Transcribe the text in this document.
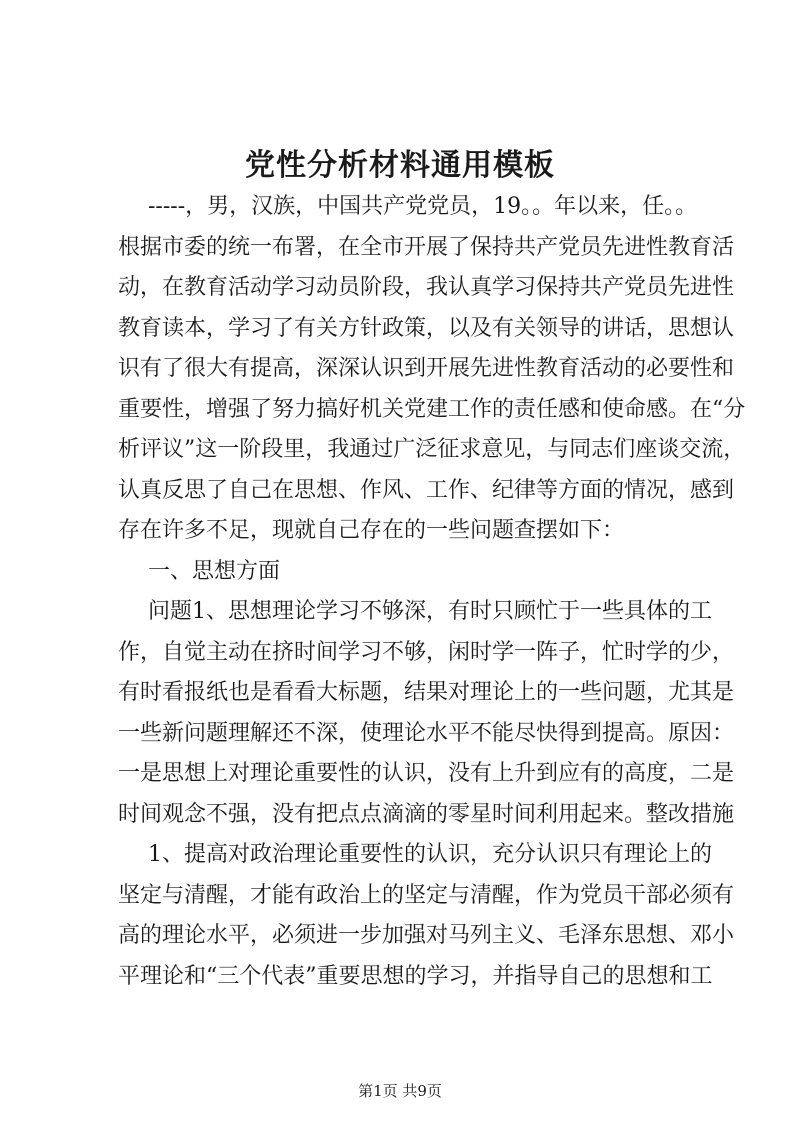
党性分析材料通用模板
-----，男，汉族，中国共产党党员，19。。年以来，任。。
根据市委的统一布署，在全市开展了保持共产党员先进性教育活
动，在教育活动学习动员阶段，我认真学习保持共产党员先进性
教育读本，学习了有关方针政策，以及有关领导的讲话，思想认
识有了很大有提高，深深认识到开展先进性教育活动的必要性和
重要性，增强了努力搞好机关党建工作的责任感和使命感。在“分
析评议”这一阶段里，我通过广泛征求意见，与同志们座谈交流，
认真反思了自己在思想、作风、工作、纪律等方面的情况，感到
存在许多不足，现就自己存在的一些问题查摆如下：
一、思想方面
问题1、思想理论学习不够深，有时只顾忙于一些具体的工
作，自觉主动在挤时间学习不够，闲时学一阵子，忙时学的少，
有时看报纸也是看看大标题，结果对理论上的一些问题，尤其是
一些新问题理解还不深，使理论水平不能尽快得到提高。原因：
一是思想上对理论重要性的认识，没有上升到应有的高度，二是
时间观念不强，没有把点点滴滴的零星时间利用起来。整改措施
1、提高对政治理论重要性的认识，充分认识只有理论上的
坚定与清醒，才能有政治上的坚定与清醒，作为党员干部必须有
高的理论水平，必须进一步加强对马列主义、毛泽东思想、邓小
平理论和“三个代表”重要思想的学习，并指导自己的思想和工
第1页 共9页
